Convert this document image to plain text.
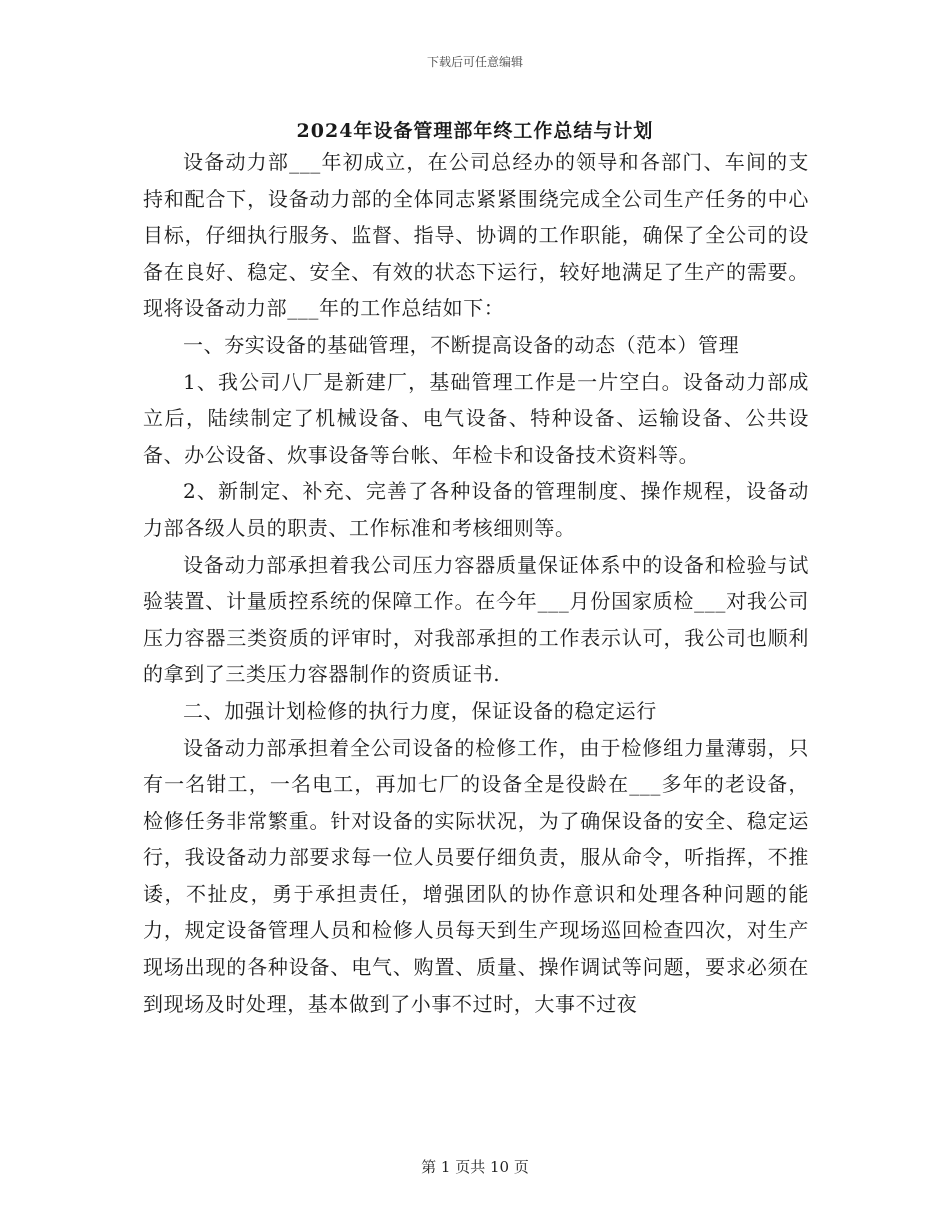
下载后可任意编辑
2024年设备管理部年终工作总结与计划

设备动力部___年初成立，在公司总经办的领导和各部门、车间的支持和配合下，设备动力部的全体同志紧紧围绕完成全公司生产任务的中心目标，仔细执行服务、监督、指导、协调的工作职能，确保了全公司的设备在良好、稳定、安全、有效的状态下运行，较好地满足了生产的需要。现将设备动力部___年的工作总结如下：

一、夯实设备的基础管理，不断提高设备的动态（范本）管理

1、我公司八厂是新建厂，基础管理工作是一片空白。设备动力部成立后，陆续制定了机械设备、电气设备、特种设备、运输设备、公共设备、办公设备、炊事设备等台帐、年检卡和设备技术资料等。

2、新制定、补充、完善了各种设备的管理制度、操作规程，设备动力部各级人员的职责、工作标准和考核细则等。

设备动力部承担着我公司压力容器质量保证体系中的设备和检验与试验装置、计量质控系统的保障工作。在今年___月份国家质检___对我公司压力容器三类资质的评审时，对我部承担的工作表示认可，我公司也顺利的拿到了三类压力容器制作的资质证书.

二、加强计划检修的执行力度，保证设备的稳定运行

设备动力部承担着全公司设备的检修工作，由于检修组力量薄弱，只有一名钳工，一名电工，再加七厂的设备全是役龄在___多年的老设备，检修任务非常繁重。针对设备的实际状况，为了确保设备的安全、稳定运行，我设备动力部要求每一位人员要仔细负责，服从命令，听指挥，不推诿，不扯皮，勇于承担责任，增强团队的协作意识和处理各种问题的能力，规定设备管理人员和检修人员每天到生产现场巡回检查四次，对生产现场出现的各种设备、电气、购置、质量、操作调试等问题，要求必须在到现场及时处理，基本做到了小事不过时，大事不过夜

第 1 页共 10 页
